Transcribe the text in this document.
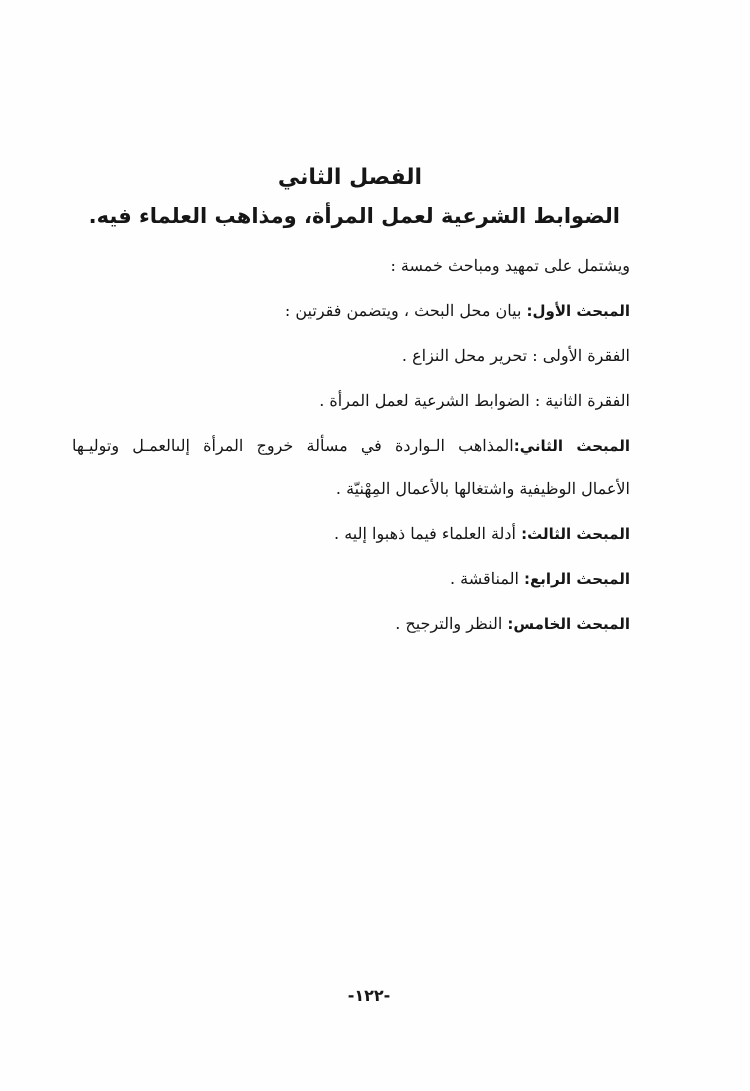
الفصل الثاني
الضوابط الشرعية لعمل المرأة، ومذاهب العلماء فيه.
ويشتمل على تمهيد ومباحث خمسة :
المبحث الأول: بيان محل البحث ، ويتضمن فقرتين :
الفقرة الأولى : تحرير محل النزاع .
الفقرة الثانية : الضوابط الشرعية لعمل المرأة .
المبحث الثاني:المذاهب الـواردة في مسألة خروج المرأة إلىالعمـل وتوليـها
الأعمال الوظيفية واشتغالها بالأعمال المِهْنيّة .
المبحث الثالث: أدلة العلماء فيما ذهبوا إليه .
المبحث الرابع: المناقشة .
المبحث الخامس: النظر والترجيح .
-١٢٢-
